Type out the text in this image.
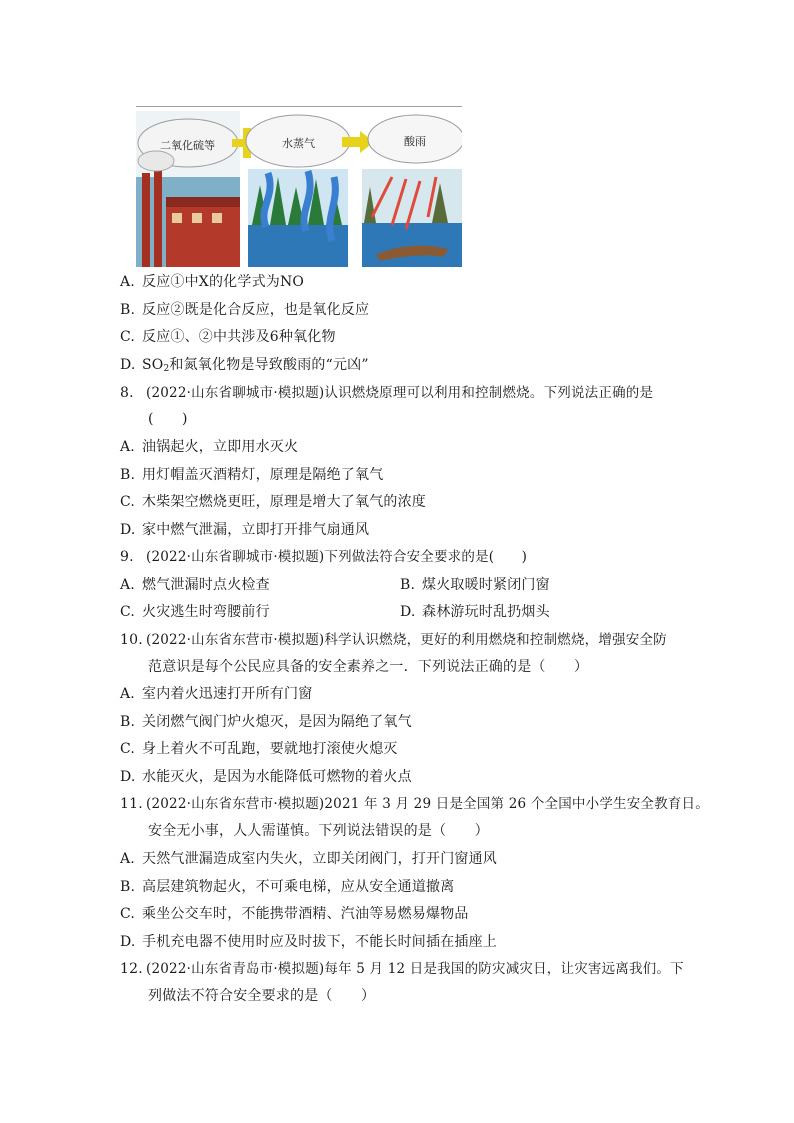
二氧化硫等	水蒸气	酸雨
A. 反应①中X的化学式为NO
B. 反应②既是化合反应，也是氧化反应
C. 反应①、②中共涉及6种氧化物
D. $SO_2$和氮氧化物是导致酸雨的“元凶”
8. (2022·山东省聊城市·模拟题)认识燃烧原理可以利用和控制燃烧。下列说法正确的是
(　　)
A. 油锅起火，立即用水灭火
B. 用灯帽盖灭酒精灯，原理是隔绝了氧气
C. 木柴架空燃烧更旺，原理是增大了氧气的浓度
D. 家中燃气泄漏，立即打开排气扇通风
9. (2022·山东省聊城市·模拟题)下列做法符合安全要求的是(　　)
A. 燃气泄漏时点火检查	B. 煤火取暖时紧闭门窗
C. 火灾逃生时弯腰前行	D. 森林游玩时乱扔烟头
10. (2022·山东省东营市·模拟题)科学认识燃烧，更好的利用燃烧和控制燃烧，增强安全防
范意识是每个公民应具备的安全素养之一．下列说法正确的是（　　）
A. 室内着火迅速打开所有门窗
B. 关闭燃气阀门炉火熄灭，是因为隔绝了氧气
C. 身上着火不可乱跑，要就地打滚使火熄灭
D. 水能灭火，是因为水能降低可燃物的着火点
11. (2022·山东省东营市·模拟题)2021 年 3 月 29 日是全国第 26 个全国中小学生安全教育日。
安全无小事，人人需谨慎。下列说法错误的是（　　）
A. 天然气泄漏造成室内失火，立即关闭阀门，打开门窗通风
B. 高层建筑物起火，不可乘电梯，应从安全通道撤离
C. 乘坐公交车时，不能携带酒精、汽油等易燃易爆物品
D. 手机充电器不使用时应及时拔下，不能长时间插在插座上
12. (2022·山东省青岛市·模拟题)每年 5 月 12 日是我国的防灾减灾日，让灾害远离我们。下
列做法不符合安全要求的是（　　）
